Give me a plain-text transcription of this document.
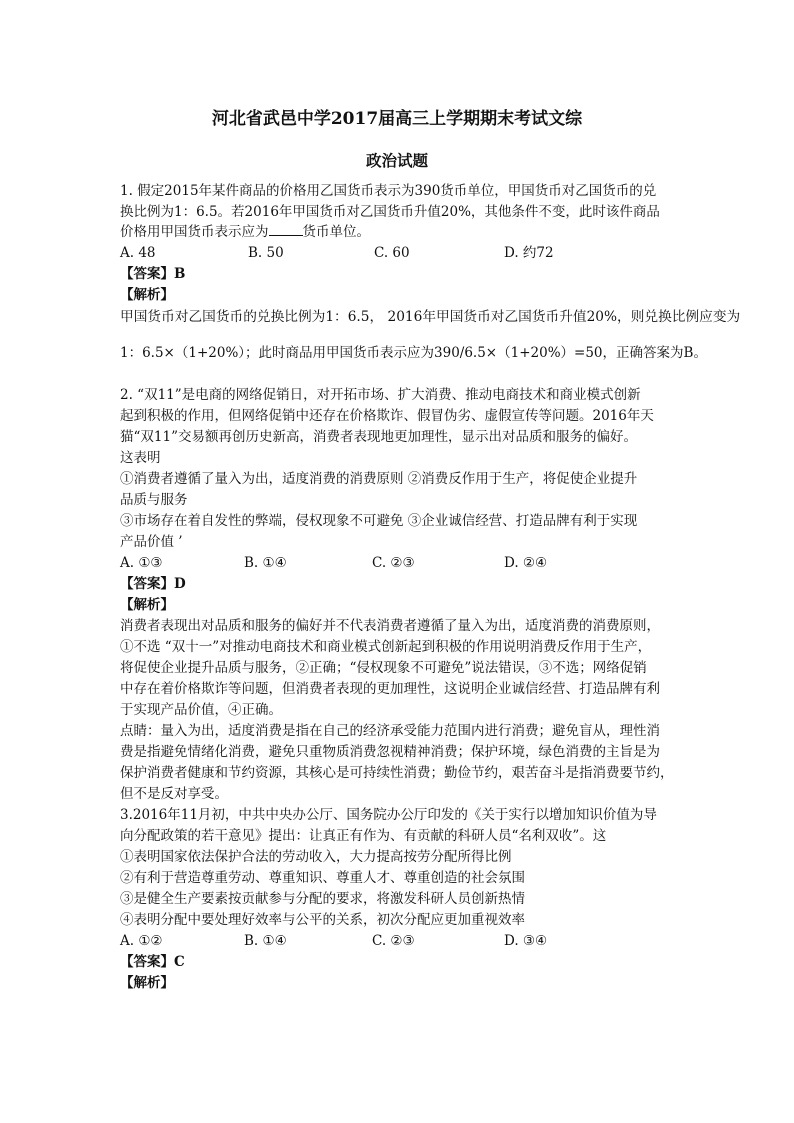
河北省武邑中学2017届高三上学期期末考试文综
政治试题
1. 假定2015年某件商品的价格用乙国货币表示为390货币单位，甲国货币对乙国货币的兑
换比例为1：6.5。若2016年甲国货币对乙国货币升值20%，其他条件不变，此时该件商品
价格用甲国货币表示应为	货币单位。
A. 48	B. 50	C. 60	D. 约72
【答案】B
【解析】
甲国货币对乙国货币的兑换比例为1：6.5， 2016年甲国货币对乙国货币升值20%，则兑换比例应变为
1：6.5×（1+20%）；此时商品用甲国货币表示应为390/6.5×（1+20%）=50，正确答案为B。
2. “双11”是电商的网络促销日，对开拓市场、扩大消费、推动电商技术和商业模式创新
起到积极的作用，但网络促销中还存在价格欺诈、假冒伪劣、虚假宣传等问题。2016年天
猫“双11”交易额再创历史新高，消费者表现地更加理性，显示出对品质和服务的偏好。
这表明
①消费者遵循了量入为出，适度消费的消费原则 ②消费反作用于生产，将促使企业提升
品质与服务
③市场存在着自发性的弊端，侵权现象不可避免 ③企业诚信经营、打造品牌有利于实现
产品价值 ’
A. ①③	B. ①④	C. ②③	D. ②④
【答案】D
【解析】
消费者表现出对品质和服务的偏好并不代表消费者遵循了量入为出，适度消费的消费原则，
①不选 “双十一”对推动电商技术和商业模式创新起到积极的作用说明消费反作用于生产，
将促使企业提升品质与服务，②正确；“侵权现象不可避免”说法错误，③不选；网络促销
中存在着价格欺诈等问题，但消费者表现的更加理性，这说明企业诚信经营、打造品牌有利
于实现产品价值，④正确。
点睛：量入为出，适度消费是指在自己的经济承受能力范围内进行消费；避免盲从，理性消
费是指避免情绪化消费，避免只重物质消费忽视精神消费；保护环境，绿色消费的主旨是为
保护消费者健康和节约资源，其核心是可持续性消费；勤俭节约，艰苦奋斗是指消费要节约，
但不是反对享受。
3.2016年11月初，中共中央办公厅、国务院办公厅印发的《关于实行以增加知识价值为导
向分配政策的若干意见》提出：让真正有作为、有贡献的科研人员“名利双收”。这
①表明国家依法保护合法的劳动收入，大力提高按劳分配所得比例
②有利于营造尊重劳动、尊重知识、尊重人才、尊重创造的社会氛围
③是健全生产要素按贡献参与分配的要求，将激发科研人员创新热情
④表明分配中要处理好效率与公平的关系，初次分配应更加重视效率
A. ①②	B. ①④	C. ②③	D. ③④
【答案】C
【解析】
